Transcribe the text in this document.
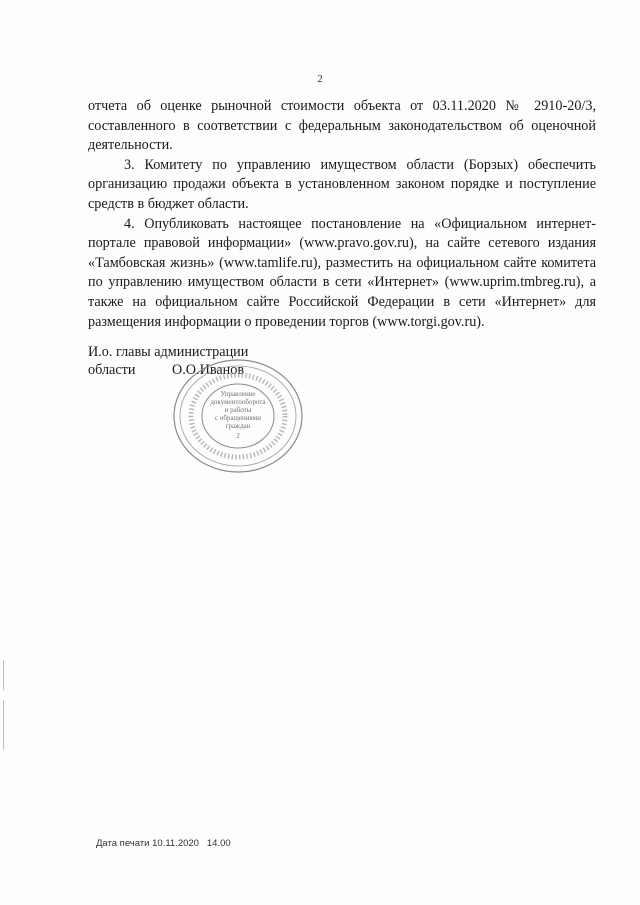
2

отчета об оценке рыночной стоимости объекта от 03.11.2020 № 2910-20/3, составленного в соответствии с федеральным законодательством об оценочной деятельности.

3. Комитету по управлению имуществом области (Борзых) обеспечить организацию продажи объекта в установленном законом порядке и поступление средств в бюджет области.

4. Опубликовать настоящее постановление на «Официальном интернет-портале правовой информации» (www.pravo.gov.ru), на сайте сетевого издания «Тамбовская жизнь» (www.tamlife.ru), разместить на официальном сайте комитета по управлению имуществом области в сети «Интернет» (www.uprim.tmbreg.ru), а также на официальном сайте Российской Федерации в сети «Интернет» для размещения информации о проведении торгов (www.torgi.gov.ru).

И.о. главы администрации
области	О.О.Иванов
Управление
документооборота
и работы
с обращениями
граждан
2
Дата печати 10.11.2020 14.00
